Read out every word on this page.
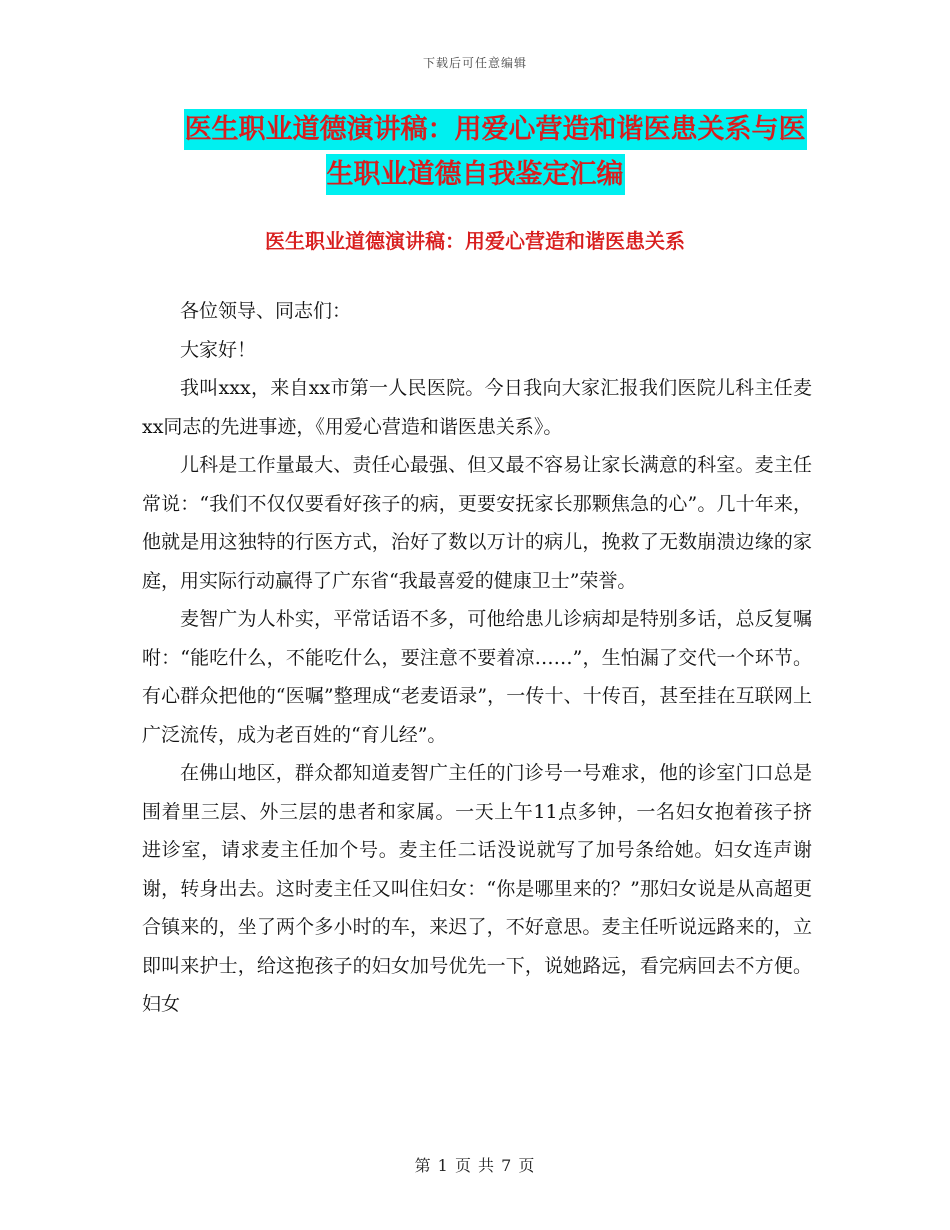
下载后可任意编辑
医生职业道德演讲稿：用爱心营造和谐医患关系与医
生职业道德自我鉴定汇编
医生职业道德演讲稿：用爱心营造和谐医患关系

各位领导、同志们：

大家好！

我叫xxx，来自xx市第一人民医院。今日我向大家汇报我们医院儿科主任麦xx同志的先进事迹，《用爱心营造和谐医患关系》。

儿科是工作量最大、责任心最强、但又最不容易让家长满意的科室。麦主任常说：“我们不仅仅要看好孩子的病，更要安抚家长那颗焦急的心”。几十年来，他就是用这独特的行医方式，治好了数以万计的病儿，挽救了无数崩溃边缘的家庭，用实际行动赢得了广东省“我最喜爱的健康卫士”荣誉。

麦智广为人朴实，平常话语不多，可他给患儿诊病却是特别多话，总反复嘱咐：“能吃什么，不能吃什么，要注意不要着凉……”，生怕漏了交代一个环节。有心群众把他的“医嘱”整理成“老麦语录”，一传十、十传百，甚至挂在互联网上广泛流传，成为老百姓的“育儿经”。

在佛山地区，群众都知道麦智广主任的门诊号一号难求，他的诊室门口总是围着里三层、外三层的患者和家属。一天上午11点多钟，一名妇女抱着孩子挤进诊室，请求麦主任加个号。麦主任二话没说就写了加号条给她。妇女连声谢谢，转身出去。这时麦主任又叫住妇女：“你是哪里来的？”那妇女说是从高超更合镇来的，坐了两个多小时的车，来迟了，不好意思。麦主任听说远路来的，立即叫来护士，给这抱孩子的妇女加号优先一下，说她路远，看完病回去不方便。妇女

第 1 页 共 7 页
